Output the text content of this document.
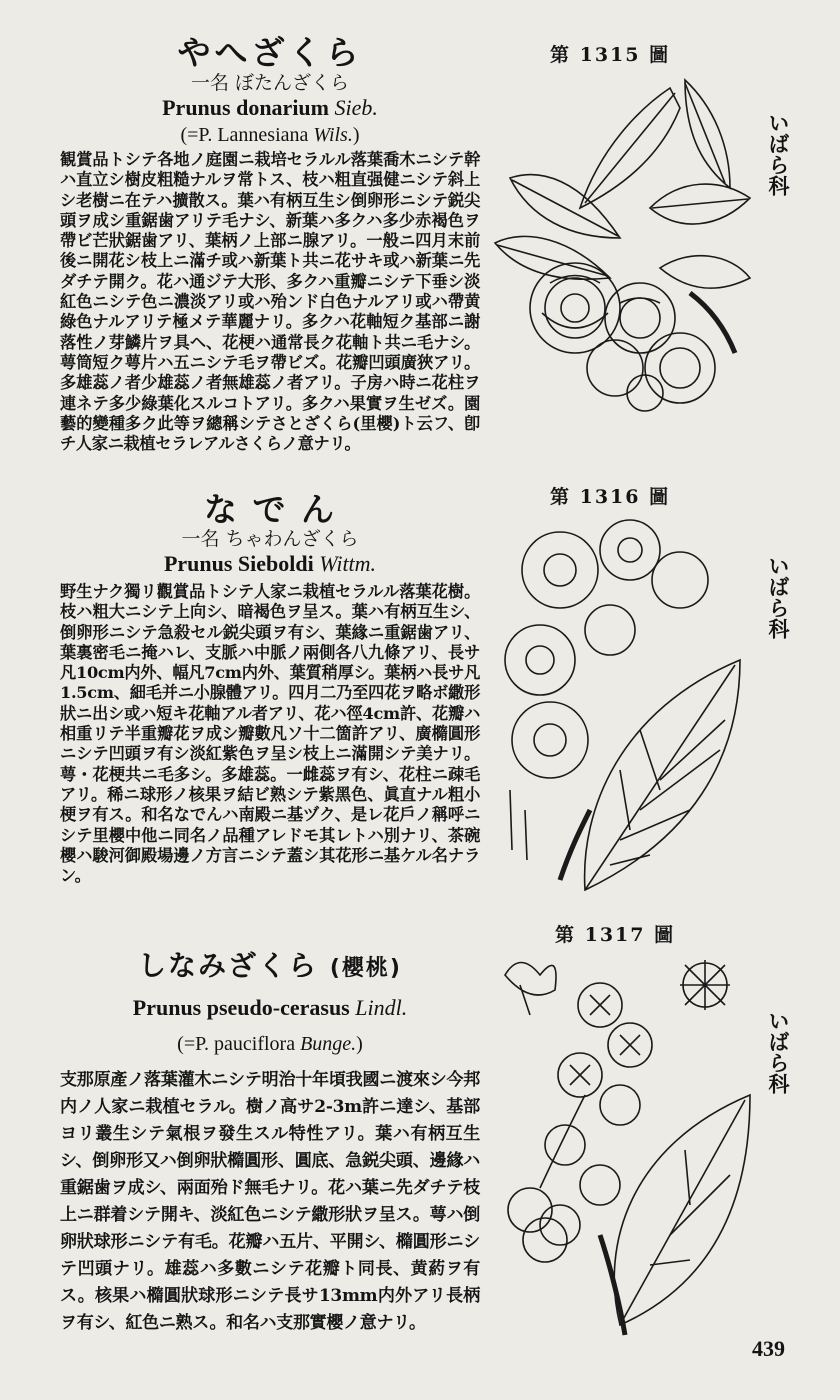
やへざくら
一名 ぼたんざくら
Prunus donarium Sieb.
(=P. Lannesiana Wils.)
観賞品トシテ各地ノ庭園ニ栽培セラルル落葉喬木ニシテ幹ハ直立シ樹皮粗糙ナルヲ常トス、枝ハ粗直强健ニシテ斜上シ老樹ニ在テハ擴散ス。葉ハ有柄互生シ倒卵形ニシテ鋭尖頭ヲ成シ重鋸歯アリテ毛ナシ、新葉ハ多クハ多少赤褐色ヲ帶ビ芒狀鋸歯アリ、葉柄ノ上部ニ腺アリ。一般ニ四月末前後ニ開花シ枝上ニ滿チ或ハ新葉ト共ニ花サキ或ハ新葉ニ先ダチテ開ク。花ハ通ジテ大形、多クハ重瓣ニシテ下垂シ淡紅色ニシテ色ニ濃淡アリ或ハ殆ンド白色ナルアリ或ハ帶黄綠色ナルアリテ極メテ華麗ナリ。多クハ花軸短ク基部ニ謝落性ノ芽鱗片ヲ具ヘ、花梗ハ通常長ク花軸ト共ニ毛ナシ。萼筒短ク萼片ハ五ニシテ毛ヲ帶ビズ。花瓣凹頭廣狹アリ。多雄蕊ノ者少雄蕊ノ者無雄蕊ノ者アリ。子房ハ時ニ花柱ヲ連ネテ多少綠葉化スルコトアリ。多クハ果實ヲ生ゼズ。園藝的變種多ク此等ヲ總稱シテさとざくら(里櫻)ト云フ、卽チ人家ニ栽植セラレアルさくらノ意ナリ。
な で ん
一名 ちゃわんざくら
Prunus Sieboldi Wittm.
野生ナク獨リ觀賞品トシテ人家ニ栽植セラルル落葉花樹。枝ハ粗大ニシテ上向シ、暗褐色ヲ呈ス。葉ハ有柄互生シ、倒卵形ニシテ急殺セル鋭尖頭ヲ有シ、葉緣ニ重鋸歯アリ、葉裏密毛ニ掩ハレ、支脈ハ中脈ノ兩側各八九條アリ、長サ凡10cm内外、幅凡7cm内外、葉質稍厚シ。葉柄ハ長サ凡1.5cm、細毛并ニ小腺體アリ。四月二乃至四花ヲ略ボ繖形狀ニ出シ或ハ短キ花軸アル者アリ、花ハ徑4cm許、花瓣ハ相重リテ半重瓣花ヲ成シ瓣數凡ソ十二箇許アリ、廣橢圓形ニシテ凹頭ヲ有シ淡紅紫色ヲ呈シ枝上ニ滿開シテ美ナリ。萼・花梗共ニ毛多シ。多雄蕊。一雌蕊ヲ有シ、花柱ニ疎毛アリ。稀ニ球形ノ核果ヲ結ビ熟シテ紫黑色、眞直ナル粗小梗ヲ有ス。和名なでんハ南殿ニ基ヅク、是レ花戶ノ稱呼ニシテ里櫻中他ニ同名ノ品種アレドモ其レトハ別ナリ、茶碗櫻ハ駿河御殿場邊ノ方言ニシテ蓋シ其花形ニ基ケル名ナラン。
しなみざくら (櫻桃)
Prunus pseudo-cerasus Lindl.
(=P. pauciflora Bunge.)
支那原產ノ落葉灌木ニシテ明治十年頃我國ニ渡來シ今邦内ノ人家ニ栽植セラル。樹ノ高サ2-3m許ニ達シ、基部ヨリ叢生シテ氣根ヲ發生スル特性アリ。葉ハ有柄互生シ、倒卵形又ハ倒卵狀橢圓形、圓底、急鋭尖頭、邊緣ハ重鋸歯ヲ成シ、兩面殆ド無毛ナリ。花ハ葉ニ先ダチテ枝上ニ群着シテ開キ、淡紅色ニシテ繖形狀ヲ呈ス。萼ハ倒卵狀球形ニシテ有毛。花瓣ハ五片、平開シ、橢圓形ニシテ凹頭ナリ。雄蕊ハ多數ニシテ花瓣ト同長、黄葯ヲ有ス。核果ハ橢圓狀球形ニシテ長サ13mm内外アリ長柄ヲ有シ、紅色ニ熟ス。和名ハ支那實櫻ノ意ナリ。
第 1315 圖
第 1316 圖
第 1317 圖
いばら科
いばら科
いばら科
439
